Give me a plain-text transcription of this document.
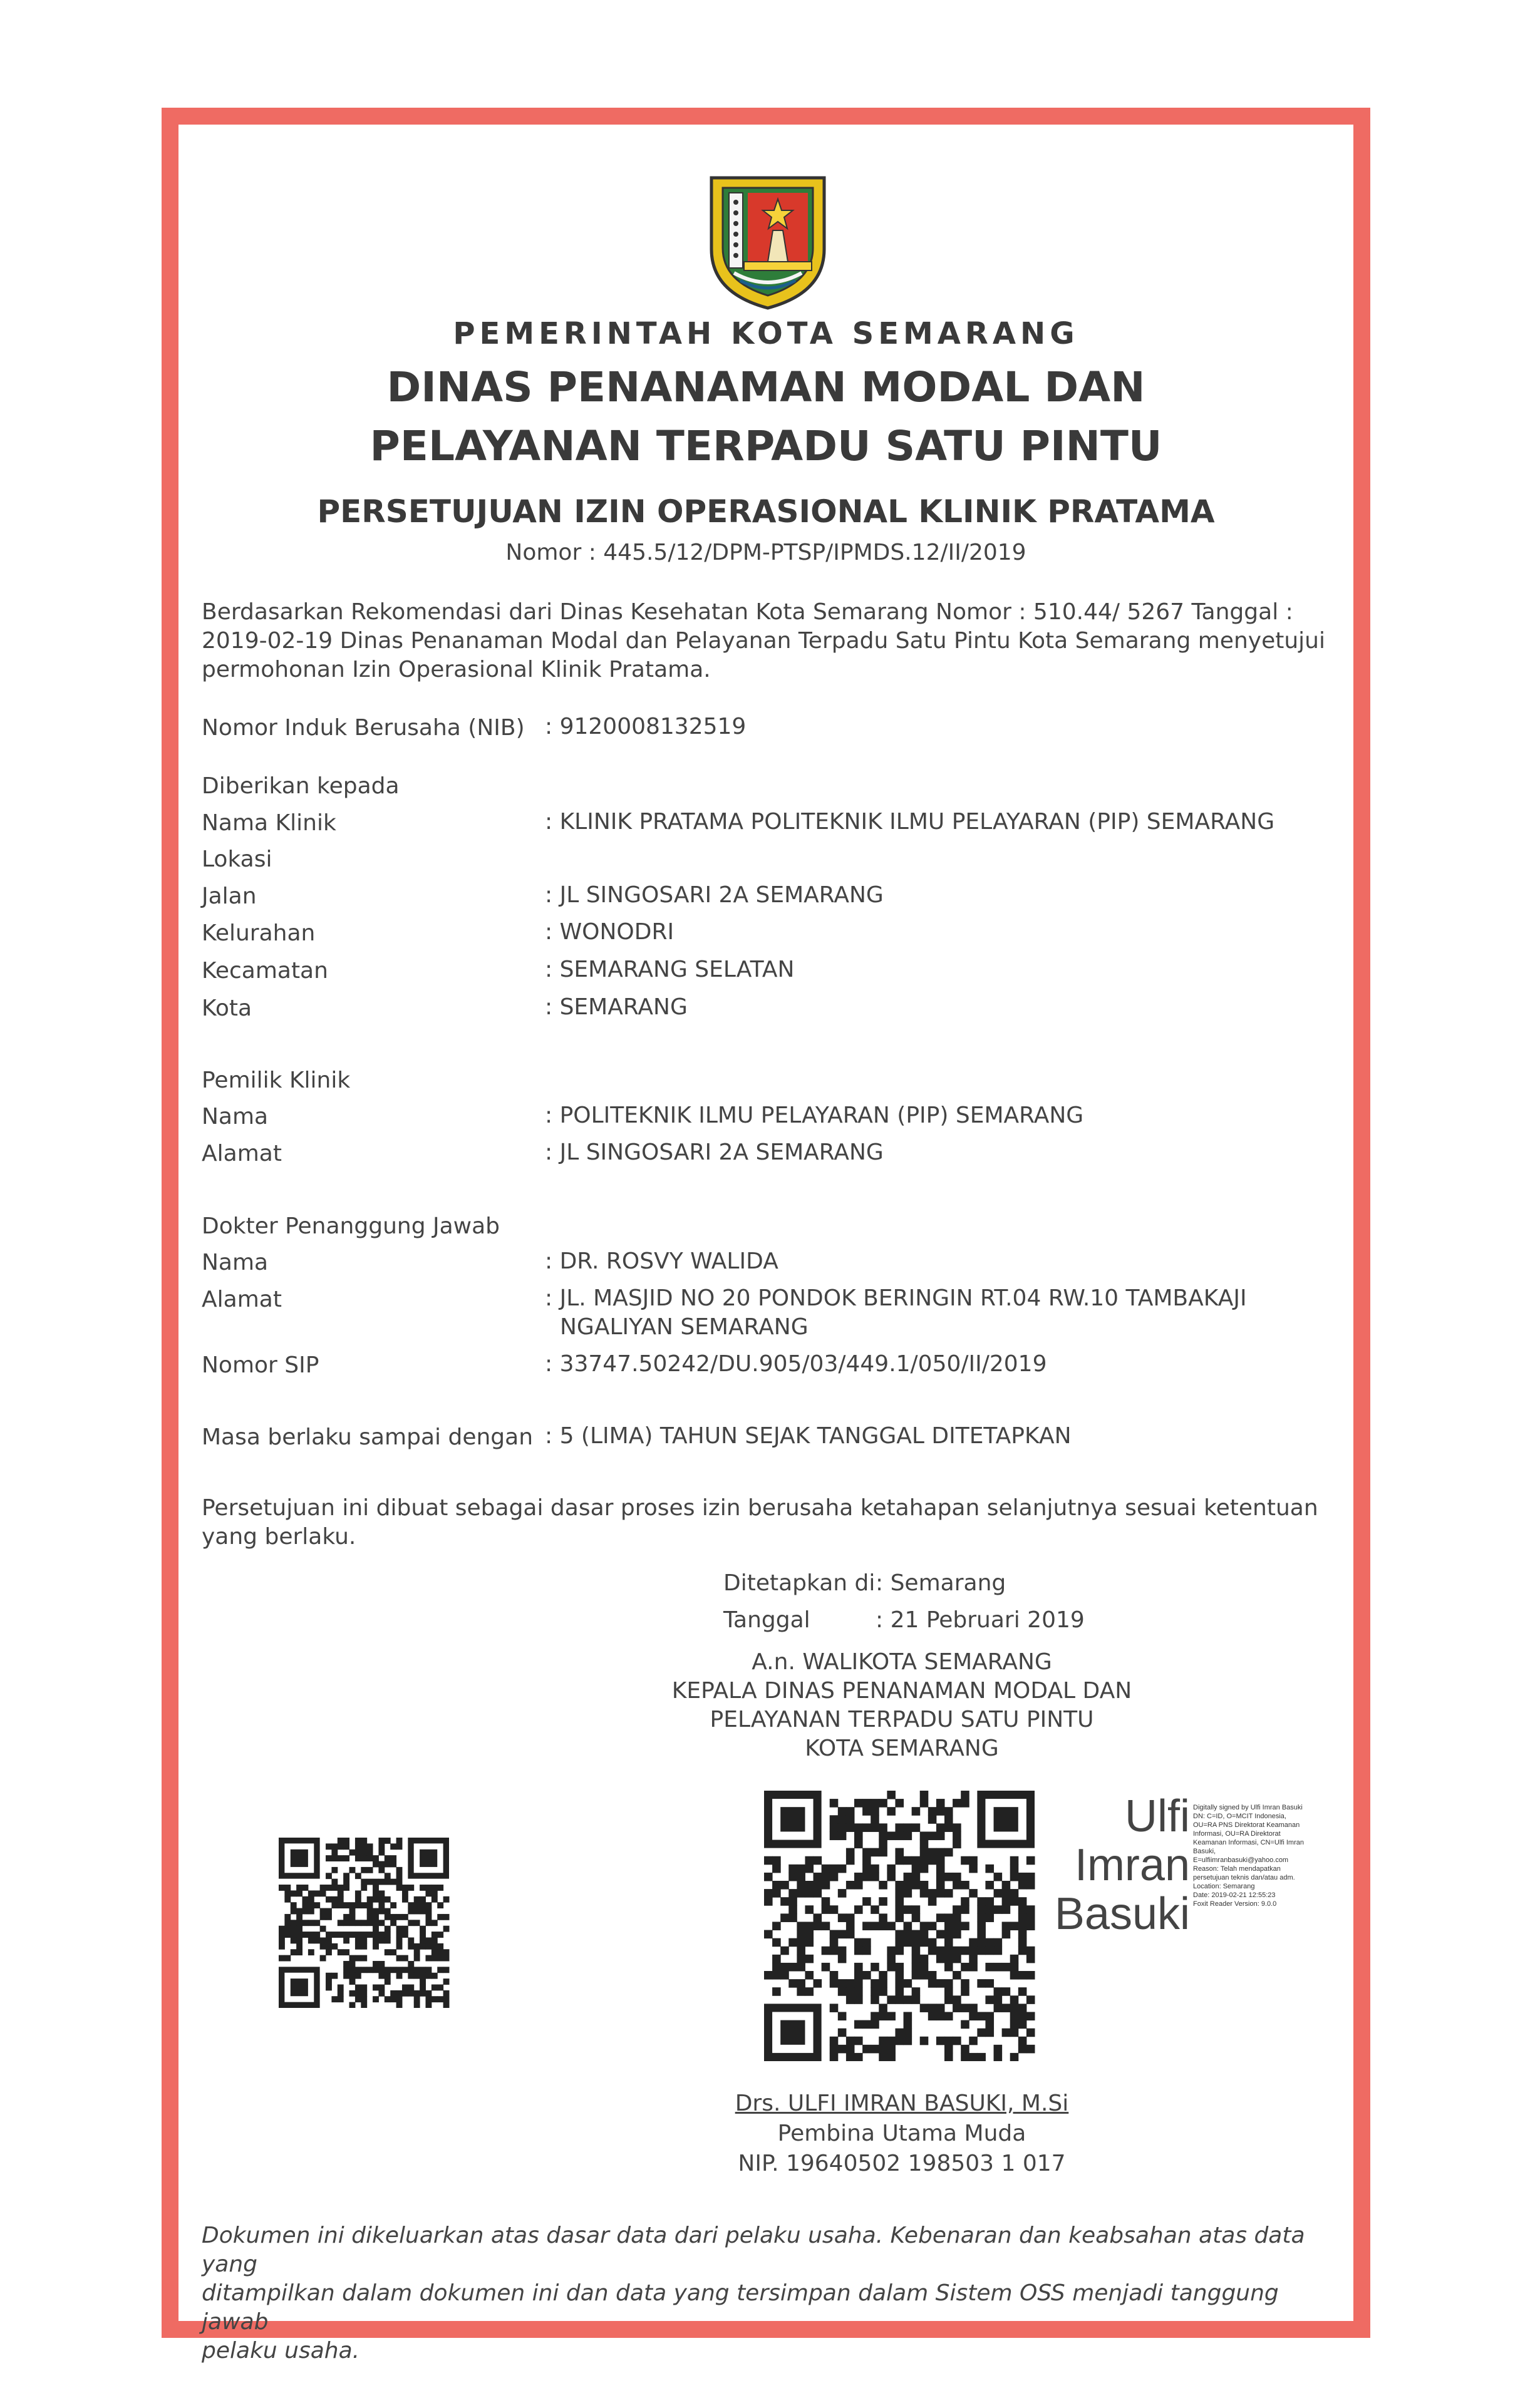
PEMERINTAH KOTA SEMARANG
DINAS PENANAMAN MODAL DAN
PELAYANAN TERPADU SATU PINTU
PERSETUJUAN IZIN OPERASIONAL KLINIK PRATAMA
Nomor : 445.5/12/DPM-PTSP/IPMDS.12/II/2019
Berdasarkan Rekomendasi dari Dinas Kesehatan Kota Semarang Nomor : 510.44/ 5267 Tanggal :
2019-02-19 Dinas Penanaman Modal dan Pelayanan Terpadu Satu Pintu Kota Semarang menyetujui
permohonan Izin Operasional Klinik Pratama.
Nomor Induk Berusaha (NIB) : 9120008132519
Diberikan kepada
Nama Klinik	: KLINIK PRATAMA POLITEKNIK ILMU PELAYARAN (PIP) SEMARANG
Lokasi
Jalan	: JL SINGOSARI 2A SEMARANG
Kelurahan	: WONODRI
Kecamatan	: SEMARANG SELATAN
Kota	: SEMARANG
Pemilik Klinik
Nama	: POLITEKNIK ILMU PELAYARAN (PIP) SEMARANG
Alamat	: JL SINGOSARI 2A SEMARANG
Dokter Penanggung Jawab
Nama	: DR. ROSVY WALIDA
Alamat	: JL. MASJID NO 20 PONDOK BERINGIN RT.04 RW.10 TAMBAKAJI
NGALIYAN SEMARANG
Nomor SIP	: 33747.50242/DU.905/03/449.1/050/II/2019
Masa berlaku sampai dengan : 5 (LIMA) TAHUN SEJAK TANGGAL DITETAPKAN
Persetujuan ini dibuat sebagai dasar proses izin berusaha ketahapan selanjutnya sesuai ketentuan
yang berlaku.
Ditetapkan di : Semarang
Tanggal	: 21 Pebruari 2019
A.n. WALIKOTA SEMARANG
KEPALA DINAS PENANAMAN MODAL DAN
PELAYANAN TERPADU SATU PINTU
KOTA SEMARANG
Ulfi
Imran
Basuki
Digitally signed by Ulfi Imran Basuki
DN: C=ID, O=MCIT Indonesia,
OU=RA PNS Direktorat Keamanan
Informasi, OU=RA Direktorat
Keamanan Informasi, CN=Ulfi Imran
Basuki,
E=ulfiimranbasuki@yahoo.com
Reason: Telah mendapatkan
persetujuan teknis dan/atau adm.
Location: Semarang
Date: 2019-02-21 12:55:23
Foxit Reader Version: 9.0.0
Drs. ULFI IMRAN BASUKI, M.Si
Pembina Utama Muda
NIP. 19640502 198503 1 017
Dokumen ini dikeluarkan atas dasar data dari pelaku usaha. Kebenaran dan keabsahan atas data yang
ditampilkan dalam dokumen ini dan data yang tersimpan dalam Sistem OSS menjadi tanggung jawab
pelaku usaha.
